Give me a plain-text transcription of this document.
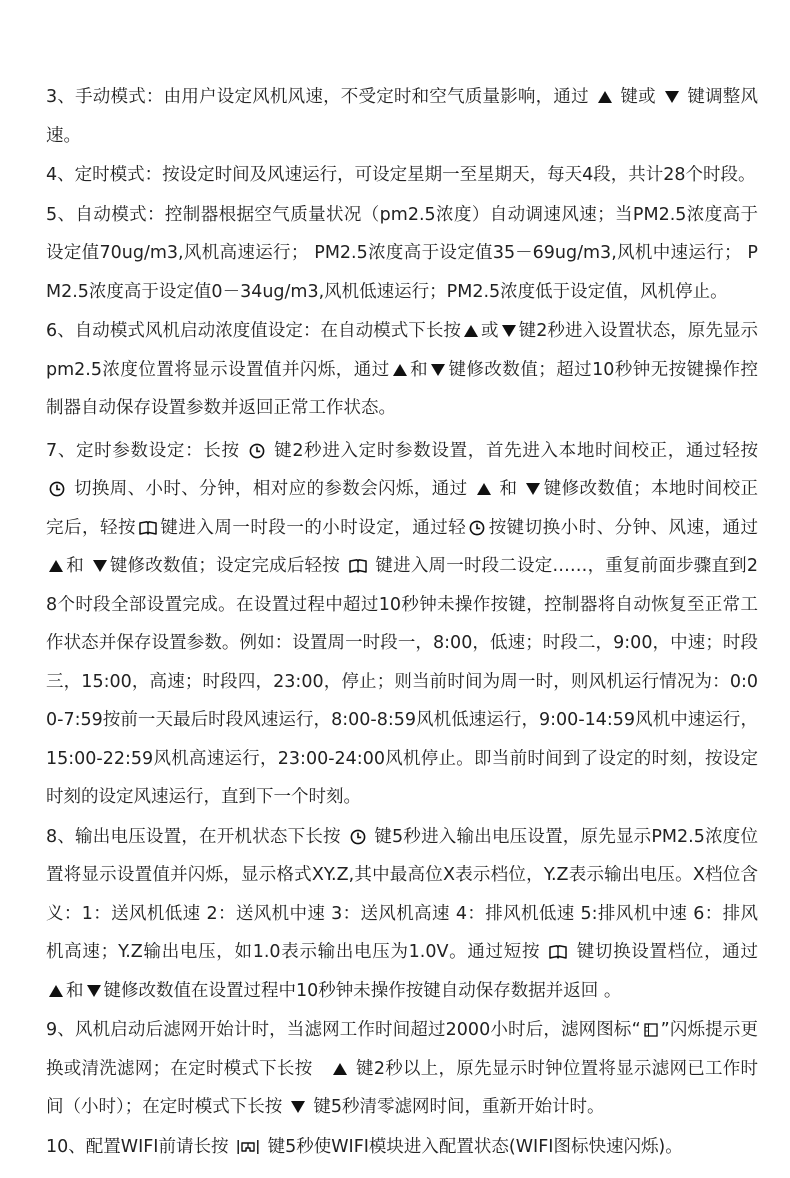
3、手动模式：由用户设定风机风速，不受定时和空气质量影响，通过
键或
键调整风速。

4、定时模式：按设定时间及风速运行，可设定星期一至星期天，每天4段，共计28个时段。

5、自动模式：控制器根据空气质量状况（pm2.5浓度）自动调速风速；当PM2.5浓度高于设定值70ug/m3,风机高速运行； PM2.5浓度高于设定值35－69ug/m3,风机中速运行； PM2.5浓度高于设定值0－34ug/m3,风机低速运行；PM2.5浓度低于设定值，风机停止。

6、自动模式风机启动浓度值设定：在自动模式下长按 或 键2秒进入设置状态，原先显示pm2.5浓度位置将显示设置值并闪烁，通过 和 键修改数值；超过10秒钟无按键操作控制器自动保存设置参数并返回正常工作状态。

7、定时参数设定：长按
键2秒进入定时参数设置，首先进入本地时间校正，通过轻按
切换周、小时、分钟，相对应的参数会闪烁，通过
和
键修改数值；本地时间校正完后，轻按 键进入周一时段一的小时设定，通过轻 按键切换小时、分钟、风速，通过
和
键修改数值；设定完成后轻按
键进入周一时段二设定……，重复前面步骤直到28个时段全部设置完成。在设置过程中超过10秒钟未操作按键，控制器将自动恢复至正常工作状态并保存设置参数。例如：设置周一时段一，8:00，低速；时段二，9:00，中速；时段三，15:00，高速；时段四，23:00，停止；则当前时间为周一时，则风机运行情况为：0:00-7:59按前一天最后时段风速运行，8:00-8:59风机低速运行，9:00-14:59风机中速运行，15:00-22:59风机高速运行，23:00-24:00风机停止。即当前时间到了设定的时刻，按设定时刻的设定风速运行，直到下一个时刻。

8、输出电压设置，在开机状态下长按
键5秒进入输出电压设置，原先显示PM2.5浓度位置将显示设置值并闪烁，显示格式XY.Z,其中最高位X表示档位，Y.Z表示输出电压。X档位含义：1：送风机低速 2：送风机中速 3：送风机高速 4：排风机低速 5:排风机中速 6：排风机高速；Y.Z输出电压，如1.0表示输出电压为1.0V。通过短按
键切换设置档位，通过
和 键修改数值在设置过程中10秒钟未操作按键自动保存数据并返回 。

9、风机启动后滤网开始计时，当滤网工作时间超过2000小时后，滤网图标“ ”闪烁提示更换或清洗滤网；在定时模式下长按　
键2秒以上，原先显示时钟位置将显示滤网已工作时间（小时）；在定时模式下长按
键5秒清零滤网时间，重新开始计时。

10、配置WIFI前请长按
键5秒使WIFI模块进入配置状态(WIFI图标快速闪烁)。
